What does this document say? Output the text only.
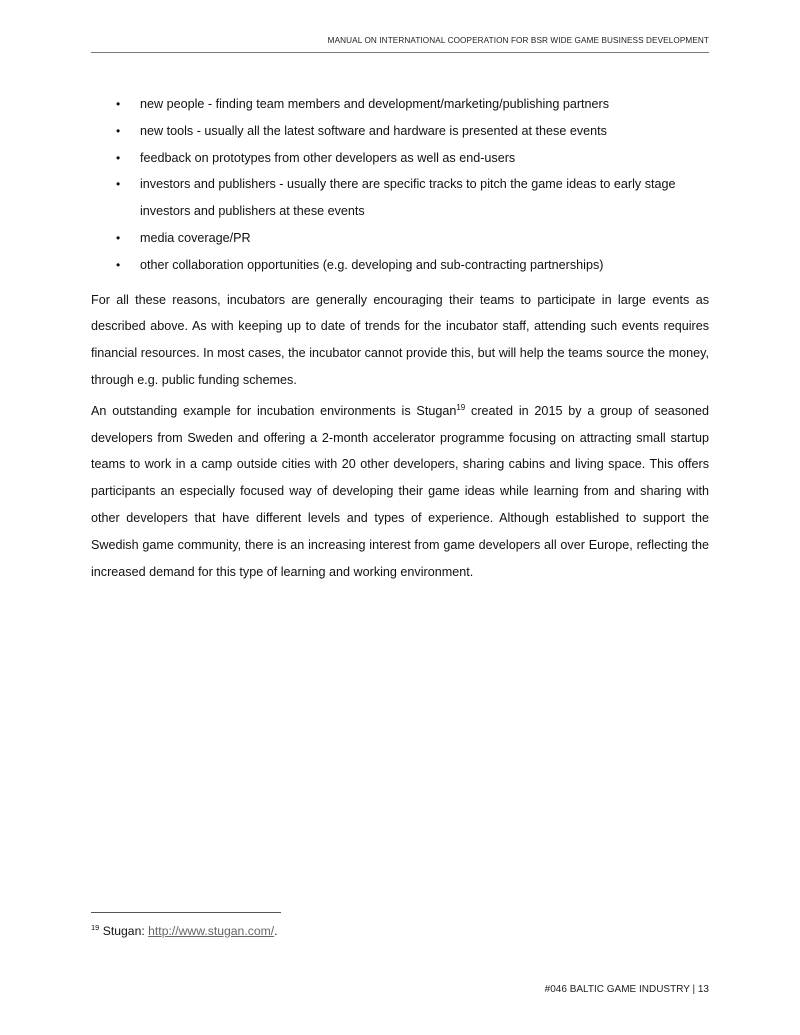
MANUAL ON INTERNATIONAL COOPERATION FOR BSR WIDE GAME BUSINESS DEVELOPMENT
• new people - finding team members and development/marketing/publishing partners
• new tools - usually all the latest software and hardware is presented at these events
• feedback on prototypes from other developers as well as end-users
• investors and publishers - usually there are specific tracks to pitch the game ideas to early stage investors and publishers at these events
• media coverage/PR
• other collaboration opportunities (e.g. developing and sub-contracting partnerships)

For all these reasons, incubators are generally encouraging their teams to participate in large events as described above. As with keeping up to date of trends for the incubator staff, attending such events requires financial resources. In most cases, the incubator cannot provide this, but will help the teams source the money, through e.g. public funding schemes.

An outstanding example for incubation environments is Stugan$^{19}$ created in 2015 by a group of seasoned developers from Sweden and offering a 2-month accelerator programme focusing on attracting small startup teams to work in a camp outside cities with 20 other developers, sharing cabins and living space. This offers participants an especially focused way of developing their game ideas while learning from and sharing with other developers that have different levels and types of experience. Although established to support the Swedish game community, there is an increasing interest from game developers all over Europe, reflecting the increased demand for this type of learning and working environment.

$^{19}$ Stugan: http://www.stugan.com/.
#046 BALTIC GAME INDUSTRY | 13
